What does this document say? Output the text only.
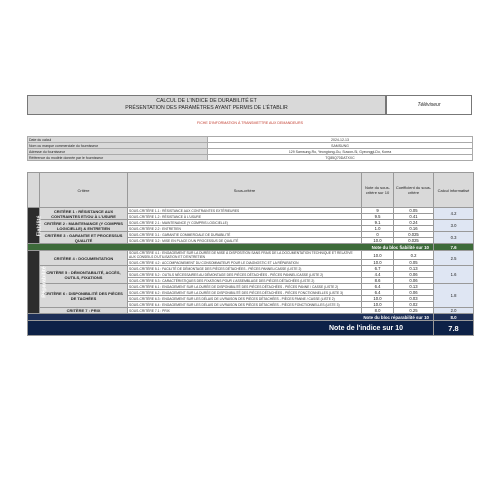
CALCUL DE L'INDICE DE DURABILITÉ ET
PRÉSENTATION DES PARAMÈTRES AYANT PERMIS DE L'ÉTABLIR	Téléviseur
FICHE D'INFORMATION À TRANSMETTRE AUX DEMANDEURS
Date du calcul	2024-12-13
Nom ou marque commerciale du fournisseur	SAMSUNG
Adresse du fournisseur	129 Samsung-Ro, Yeongtong-Gu, Suwon-Si, Gyeonggi-Do, Korea
Référence du modèle donnée par le fournisseur	TQ85Q70DATXXC
	Critère	Sous-critère	Note du sous-critère sur 10	Coefficient du sous-critère	Calcul informatisé
Fiabilité	CRITÈRE 1 : RÉSISTANCE AUX CONTRAINTES ET/OU À L'USURE	SOUS-CRITÈRE 1.1 : RÉSISTANCE AUX CONTRAINTES EXTÉRIEURES	9	0.05	4.2
		SOUS-CRITÈRE 1.2 : RÉSISTANCE À L'USURE	9.5	0.41	
	CRITÈRE 2 : MAINTENANCE (Y COMPRIS LOGICIELLE) & ENTRETIEN	SOUS-CRITÈRE 2.1 : MAINTENANCE (Y COMPRIS LOGICIELLE)	9.1	0.24	3.0
		SOUS-CRITÈRE 2.2 : ENTRETIEN	1.0	0.16	
	CRITÈRE 3 : GARANTIE ET PROCESSUS QUALITÉ	SOUS-CRITÈRE 3.1 : GARANTIE COMMERCIALE DE DURABILITÉ	0	0.025	0.3
		SOUS-CRITÈRE 3.2 : MISE EN PLACE D'UN PROCESSUS DE QUALITÉ	10.0	0.025	
Note du bloc fiabilité sur 10					7.6
Réparabilité	CRITÈRE 4 : DOCUMENTATION	SOUS-CRITÈRE 4.1 : ENGAGEMENT SUR LA DURÉE DE MISE À DISPOSITION SANS FRAIS DE LA DOCUMENTATION TECHNIQUE ET RELATIVE AUX CONSEILS D'UTILISATION ET D'ENTRETIEN	10.0	0.2	2.5
		SOUS-CRITÈRE 4.2 : ACCOMPAGNEMENT DU CONSOMMATEUR POUR LE DIAGNOSTIC ET LA RÉPARATION	10.0	0.05	
	CRITÈRE 5 : DÉMONTABILITÉ, ACCÈS, OUTILS, FIXATIONS	SOUS-CRITÈRE 5.1 : FACILITÉ DE DÉMONTAGE DES PIÈCES DÉTACHÉES - PIÈCES PANNEL/CASSE (LISTE 2)	6.7	0.13	1.6
		SOUS-CRITÈRE 5.2 : OUTILS NÉCESSAIRES AU DÉMONTAGE DES PIÈCES DÉTACHÉES - PIÈCES PANNEL/CASSE (LISTE 2)	4.4	0.06	
		SOUS-CRITÈRE 5.3 : CARACTÉRISTIQUES DES FIXATIONS POUR L'ASSEMBLAGE DES PIÈCES DÉTACHÉES (LISTE 2)	8.6	0.06	
	CRITÈRE 6 : DISPONIBILITÉ DES PIÈCES DE TACHÉES	SOUS-CRITÈRE 6.1 : ENGAGEMENT SUR LA DURÉE DE DISPONIBILITÉ DES PIÈCES DÉTACHÉES - PIÈCES PANNE / CASSE (LISTE 2)	6.4	0.13	1.8
		SOUS-CRITÈRE 6.2 : ENGAGEMENT SUR LA DURÉE DE DISPONIBILITÉ DES PIÈCES DÉTACHÉES - PIÈCES FONCTIONNELLES (LISTE 3)	6.4	0.06	
		SOUS-CRITÈRE 6.3 : ENGAGEMENT SUR LES DÉLAIS DE LIVRAISON DES PIÈCES DÉTACHÉES - PIÈCES PANNE / CASSE (LISTE 2)	10.0	0.03	
		SOUS-CRITÈRE 6.4 : ENGAGEMENT SUR LES DÉLAIS DE LIVRAISON DES PIÈCES DÉTACHÉES - PIÈCES FONCTIONNELLES (LISTE 3)	10.0	0.02	
	CRITÈRE 7 : PRIX	SOUS-CRITÈRE 7.1 : PRIX	8.0	0.25	2.0
Note du bloc réparabilité sur 10					8.0
Note de l'indice sur 10					7.8
